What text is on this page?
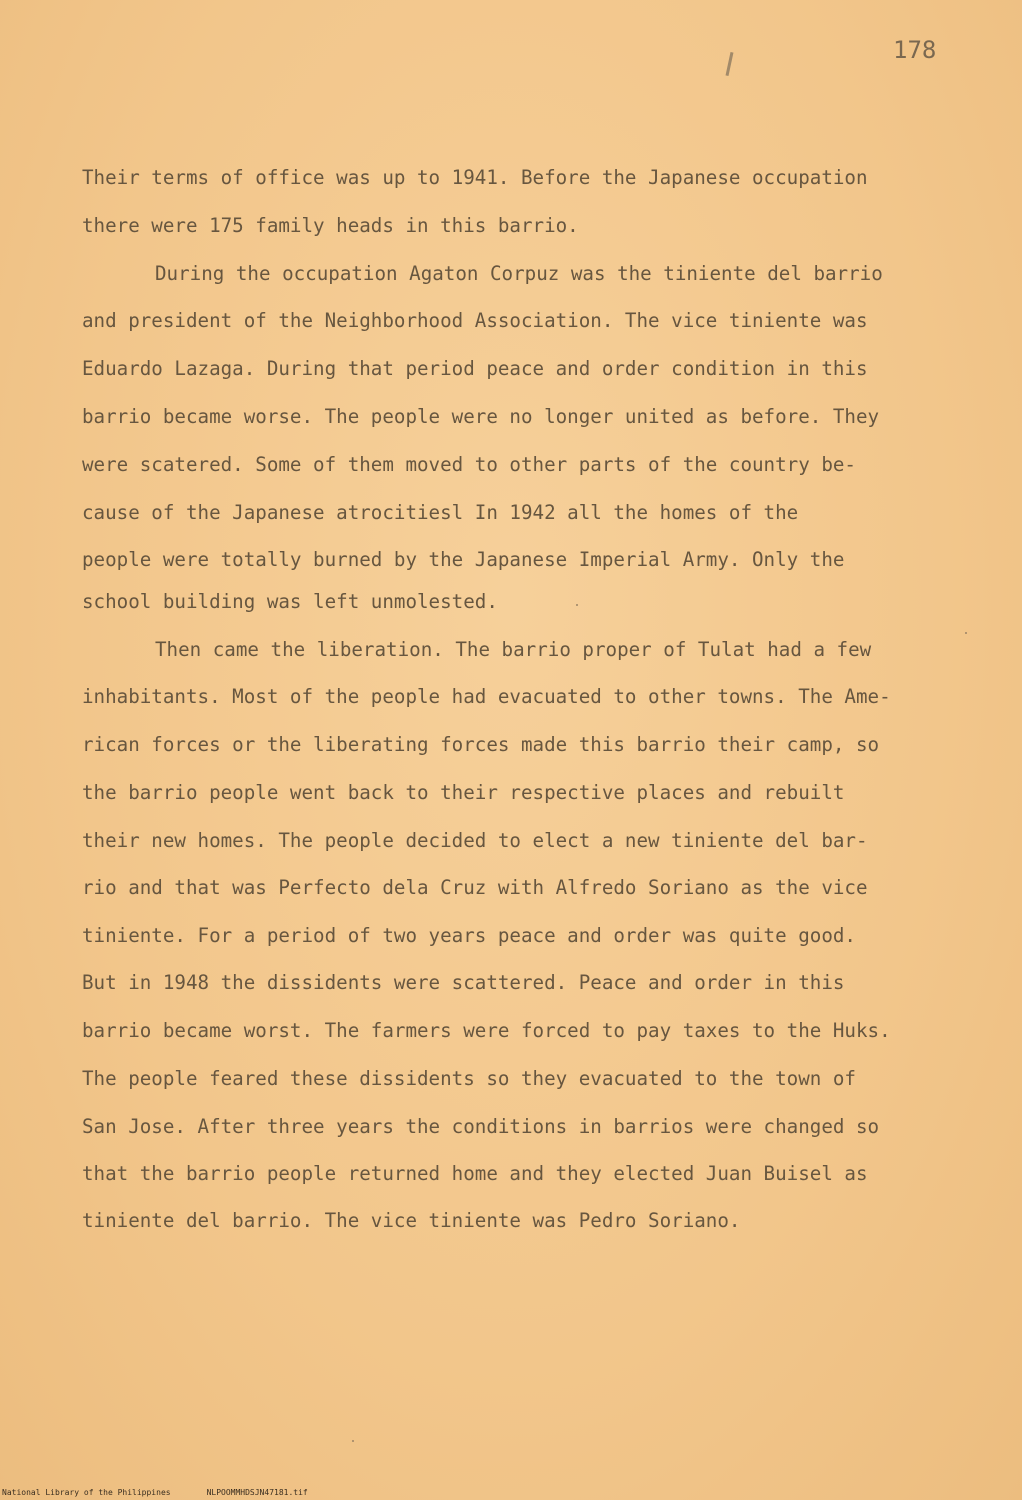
178

Their terms of office was up to 1941. Before the Japanese occupation

there were 175 family heads in this barrio.

During the occupation Agaton Corpuz was the tiniente del barrio

and president of the Neighborhood Association. The vice tiniente was

Eduardo Lazaga. During that period peace and order condition in this

barrio became worse. The people were no longer united as before. They

were scatered. Some of them moved to other parts of the country be-

cause of the Japanese atrocitiesl In 1942 all the homes of the

people were totally burned by the Japanese Imperial Army. Only the

school building was left unmolested.

Then came the liberation. The barrio proper of Tulat had a few

inhabitants. Most of the people had evacuated to other towns. The Ame-

rican forces or the liberating forces made this barrio their camp, so

the barrio people went back to their respective places and rebuilt

their new homes. The people decided to elect a new tiniente del bar-

rio and that was Perfecto dela Cruz with Alfredo Soriano as the vice

tiniente. For a period of two years peace and order was quite good.

But in 1948 the dissidents were scattered. Peace and order in this

barrio became worst. The farmers were forced to pay taxes to the Huks.

The people feared these dissidents so they evacuated to the town of

San Jose. After three years the conditions in barrios were changed so

that the barrio people returned home and they elected Juan Buisel as

tiniente del barrio. The vice tiniente was Pedro Soriano.

National Library of the Philippines	NLPOOMMHDSJN47181.tif
